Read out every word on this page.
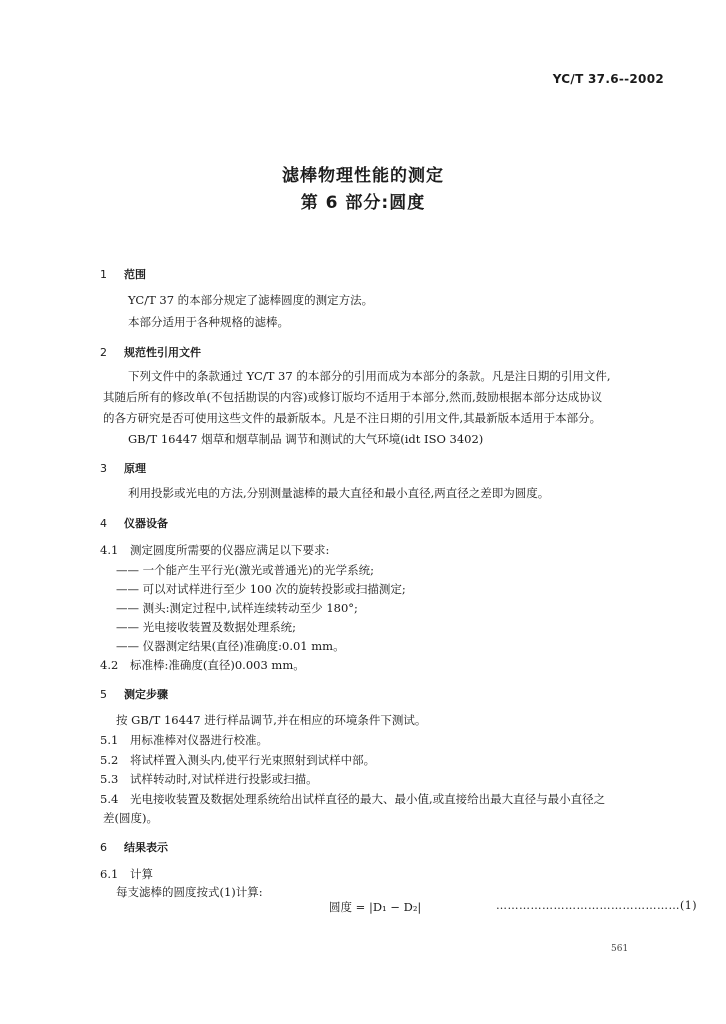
YC/T 37.6--2002
滤棒物理性能的测定
第 6 部分:圆度
1 范围
YC/T 37 的本部分规定了滤棒圆度的测定方法。
本部分适用于各种规格的滤棒。
2 规范性引用文件
下列文件中的条款通过 YC/T 37 的本部分的引用而成为本部分的条款。凡是注日期的引用文件,
其随后所有的修改单(不包括勘误的内容)或修订版均不适用于本部分,然而,鼓励根据本部分达成协议
的各方研究是否可使用这些文件的最新版本。凡是不注日期的引用文件,其最新版本适用于本部分。
GB/T 16447 烟草和烟草制品 调节和测试的大气环境(idt ISO 3402)
3 原理
利用投影或光电的方法,分别测量滤棒的最大直径和最小直径,两直径之差即为圆度。
4 仪器设备
4.1 测定圆度所需要的仪器应满足以下要求:
—— 一个能产生平行光(激光或普通光)的光学系统;
—— 可以对试样进行至少 100 次的旋转投影或扫描测定;
—— 测头:测定过程中,试样连续转动至少 180°;
—— 光电接收装置及数据处理系统;
—— 仪器测定结果(直径)准确度:0.01 mm。
4.2 标准棒:准确度(直径)0.003 mm。
5 测定步骤
按 GB/T 16447 进行样品调节,并在相应的环境条件下测试。
5.1 用标准棒对仪器进行校准。
5.2 将试样置入测头内,使平行光束照射到试样中部。
5.3 试样转动时,对试样进行投影或扫描。
5.4 光电接收装置及数据处理系统给出试样直径的最大、最小值,或直接给出最大直径与最小直径之
差(圆度)。
6 结果表示
6.1 计算
每支滤棒的圆度按式(1)计算:
圆度 = |D₁ − D₂|	…………………………………………(1)
561
